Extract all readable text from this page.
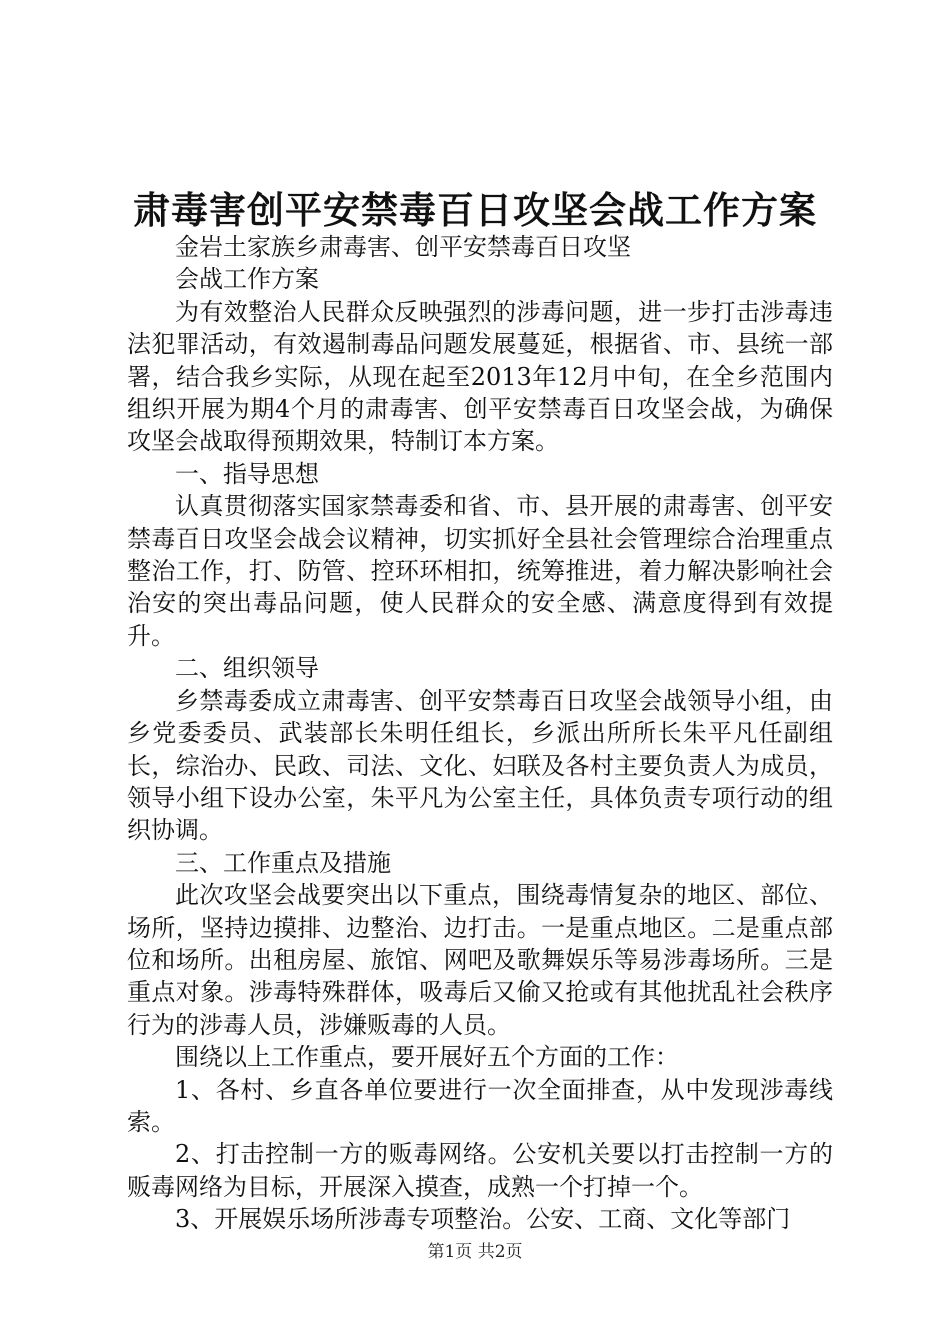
肃毒害创平安禁毒百日攻坚会战工作方案

金岩土家族乡肃毒害、创平安禁毒百日攻坚

会战工作方案

为有效整治人民群众反映强烈的涉毒问题，进一步打击涉毒违法犯罪活动，有效遏制毒品问题发展蔓延，根据省、市、县统一部署，结合我乡实际，从现在起至2013年12月中旬，在全乡范围内组织开展为期4个月的肃毒害、创平安禁毒百日攻坚会战，为确保攻坚会战取得预期效果，特制订本方案。

一、指导思想

认真贯彻落实国家禁毒委和省、市、县开展的肃毒害、创平安禁毒百日攻坚会战会议精神，切实抓好全县社会管理综合治理重点整治工作，打、防管、控环环相扣，统筹推进，着力解决影响社会治安的突出毒品问题，使人民群众的安全感、满意度得到有效提升。

二、组织领导

乡禁毒委成立肃毒害、创平安禁毒百日攻坚会战领导小组，由乡党委委员、武装部长朱明任组长，乡派出所所长朱平凡任副组长，综治办、民政、司法、文化、妇联及各村主要负责人为成员，领导小组下设办公室，朱平凡为公室主任，具体负责专项行动的组织协调。

三、工作重点及措施

此次攻坚会战要突出以下重点，围绕毒情复杂的地区、部位、场所，坚持边摸排、边整治、边打击。一是重点地区。二是重点部位和场所。出租房屋、旅馆、网吧及歌舞娱乐等易涉毒场所。三是重点对象。涉毒特殊群体，吸毒后又偷又抢或有其他扰乱社会秩序行为的涉毒人员，涉嫌贩毒的人员。

围绕以上工作重点，要开展好五个方面的工作：

1、各村、乡直各单位要进行一次全面排查，从中发现涉毒线索。

2、打击控制一方的贩毒网络。公安机关要以打击控制一方的贩毒网络为目标，开展深入摸查，成熟一个打掉一个。

3、开展娱乐场所涉毒专项整治。公安、工商、文化等部门

第1页 共2页
